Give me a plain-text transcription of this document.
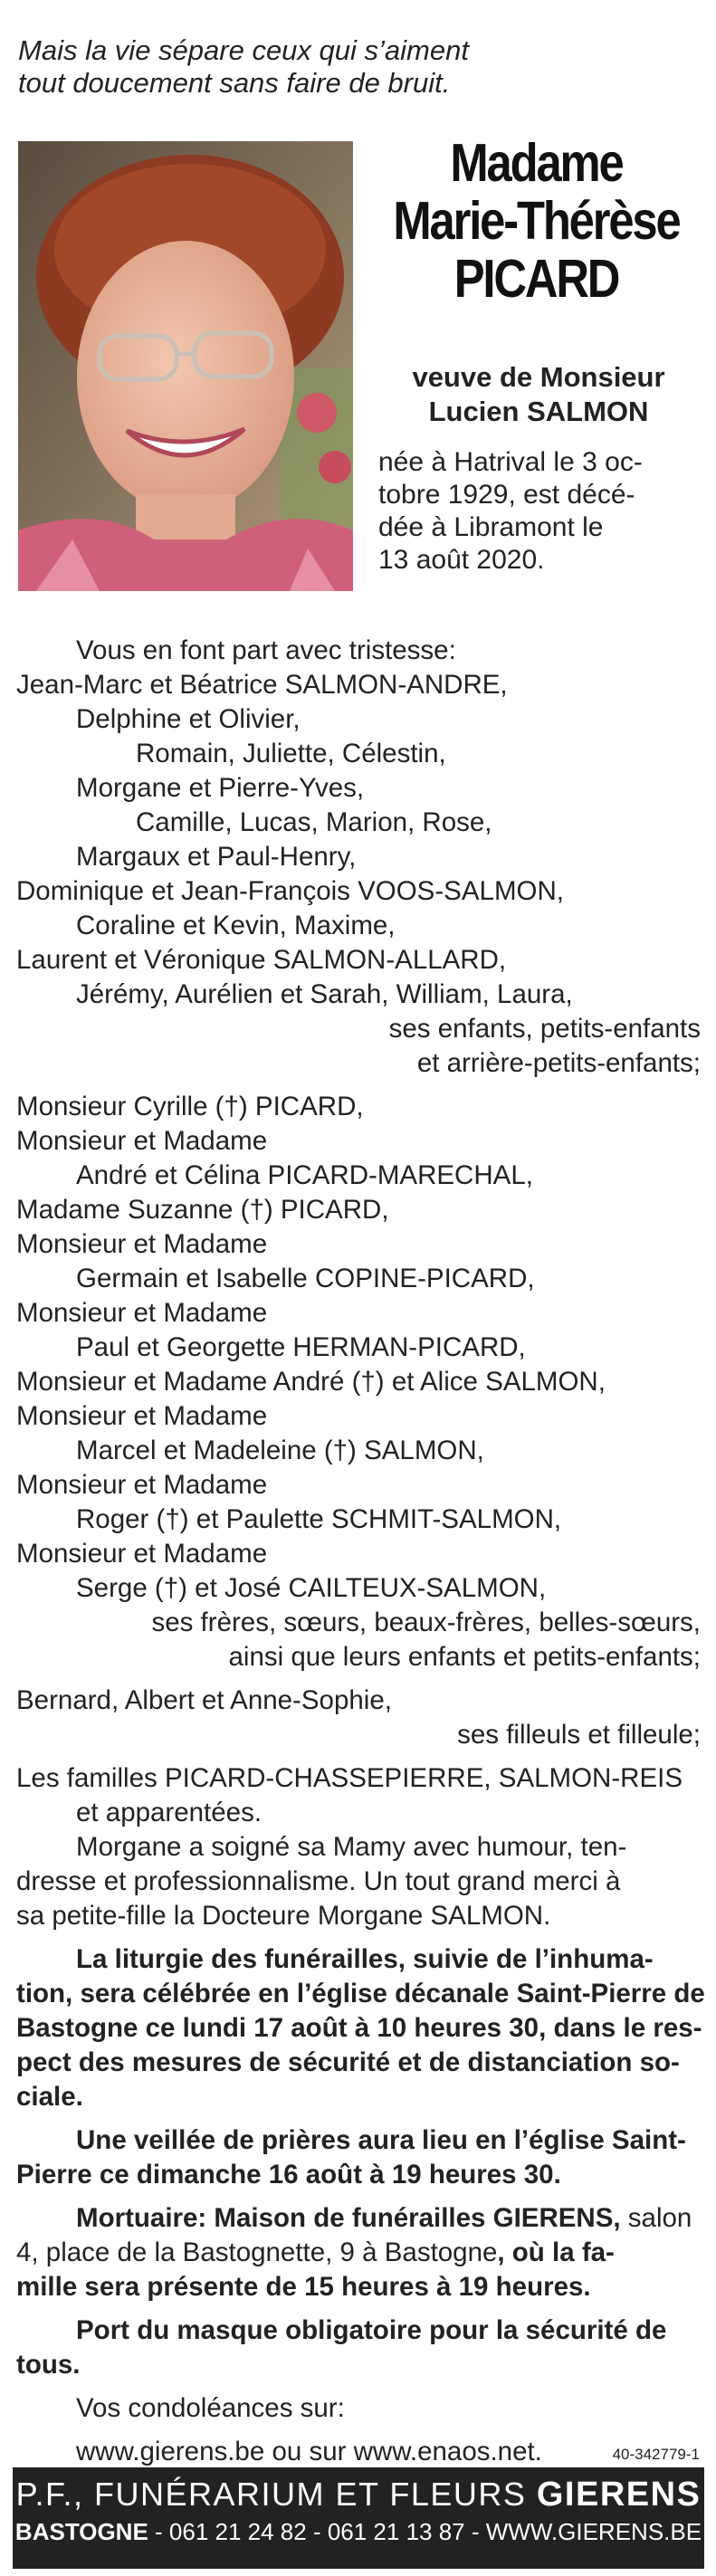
Mais la vie sépare ceux qui s’aiment
tout doucement sans faire de bruit.
Madame
Marie-Thérèse
PICARD
veuve de Monsieur
Lucien SALMON
née à Hatrival le 3 oc-
tobre 1929, est décé-
dée à Libramont le
13 août 2020.
Vous en font part avec tristesse:
Jean-Marc et Béatrice SALMON-ANDRE,
Delphine et Olivier,
Romain, Juliette, Célestin,
Morgane et Pierre-Yves,
Camille, Lucas, Marion, Rose,
Margaux et Paul-Henry,
Dominique et Jean-François VOOS-SALMON,
Coraline et Kevin, Maxime,
Laurent et Véronique SALMON-ALLARD,
Jérémy, Aurélien et Sarah, William, Laura,
ses enfants, petits-enfants
et arrière-petits-enfants;
Monsieur Cyrille (†) PICARD,
Monsieur et Madame
André et Célina PICARD-MARECHAL,
Madame Suzanne (†) PICARD,
Monsieur et Madame
Germain et Isabelle COPINE-PICARD,
Monsieur et Madame
Paul et Georgette HERMAN-PICARD,
Monsieur et Madame André (†) et Alice SALMON,
Monsieur et Madame
Marcel et Madeleine (†) SALMON,
Monsieur et Madame
Roger (†) et Paulette SCHMIT-SALMON,
Monsieur et Madame
Serge (†) et José CAILTEUX-SALMON,
ses frères, sœurs, beaux-frères, belles-sœurs,
ainsi que leurs enfants et petits-enfants;
Bernard, Albert et Anne-Sophie,
ses filleuls et filleule;
Les familles PICARD-CHASSEPIERRE, SALMON-REIS
et apparentées.
Morgane a soigné sa Mamy avec humour, ten-
dresse et professionnalisme. Un tout grand merci à
sa petite-fille la Docteure Morgane SALMON.
La liturgie des funérailles, suivie de l’inhuma-
tion, sera célébrée en l’église décanale Saint-Pierre de
Bastogne ce lundi 17 août à 10 heures 30, dans le res-
pect des mesures de sécurité et de distanciation so-
ciale.
Une veillée de prières aura lieu en l’église Saint-
Pierre ce dimanche 16 août à 19 heures 30.
Mortuaire: Maison de funérailles GIERENS, salon
4, place de la Bastognette, 9 à Bastogne, où la fa-
mille sera présente de 15 heures à 19 heures.
Port du masque obligatoire pour la sécurité de
tous.
Vos condoléances sur:
www.gierens.be ou sur www.enaos.net.	40-342779-1
P.F., FUNÉRARIUM ET FLEURS GIERENS
BASTOGNE - 061 21 24 82 - 061 21 13 87 - WWW.GIERENS.BE
